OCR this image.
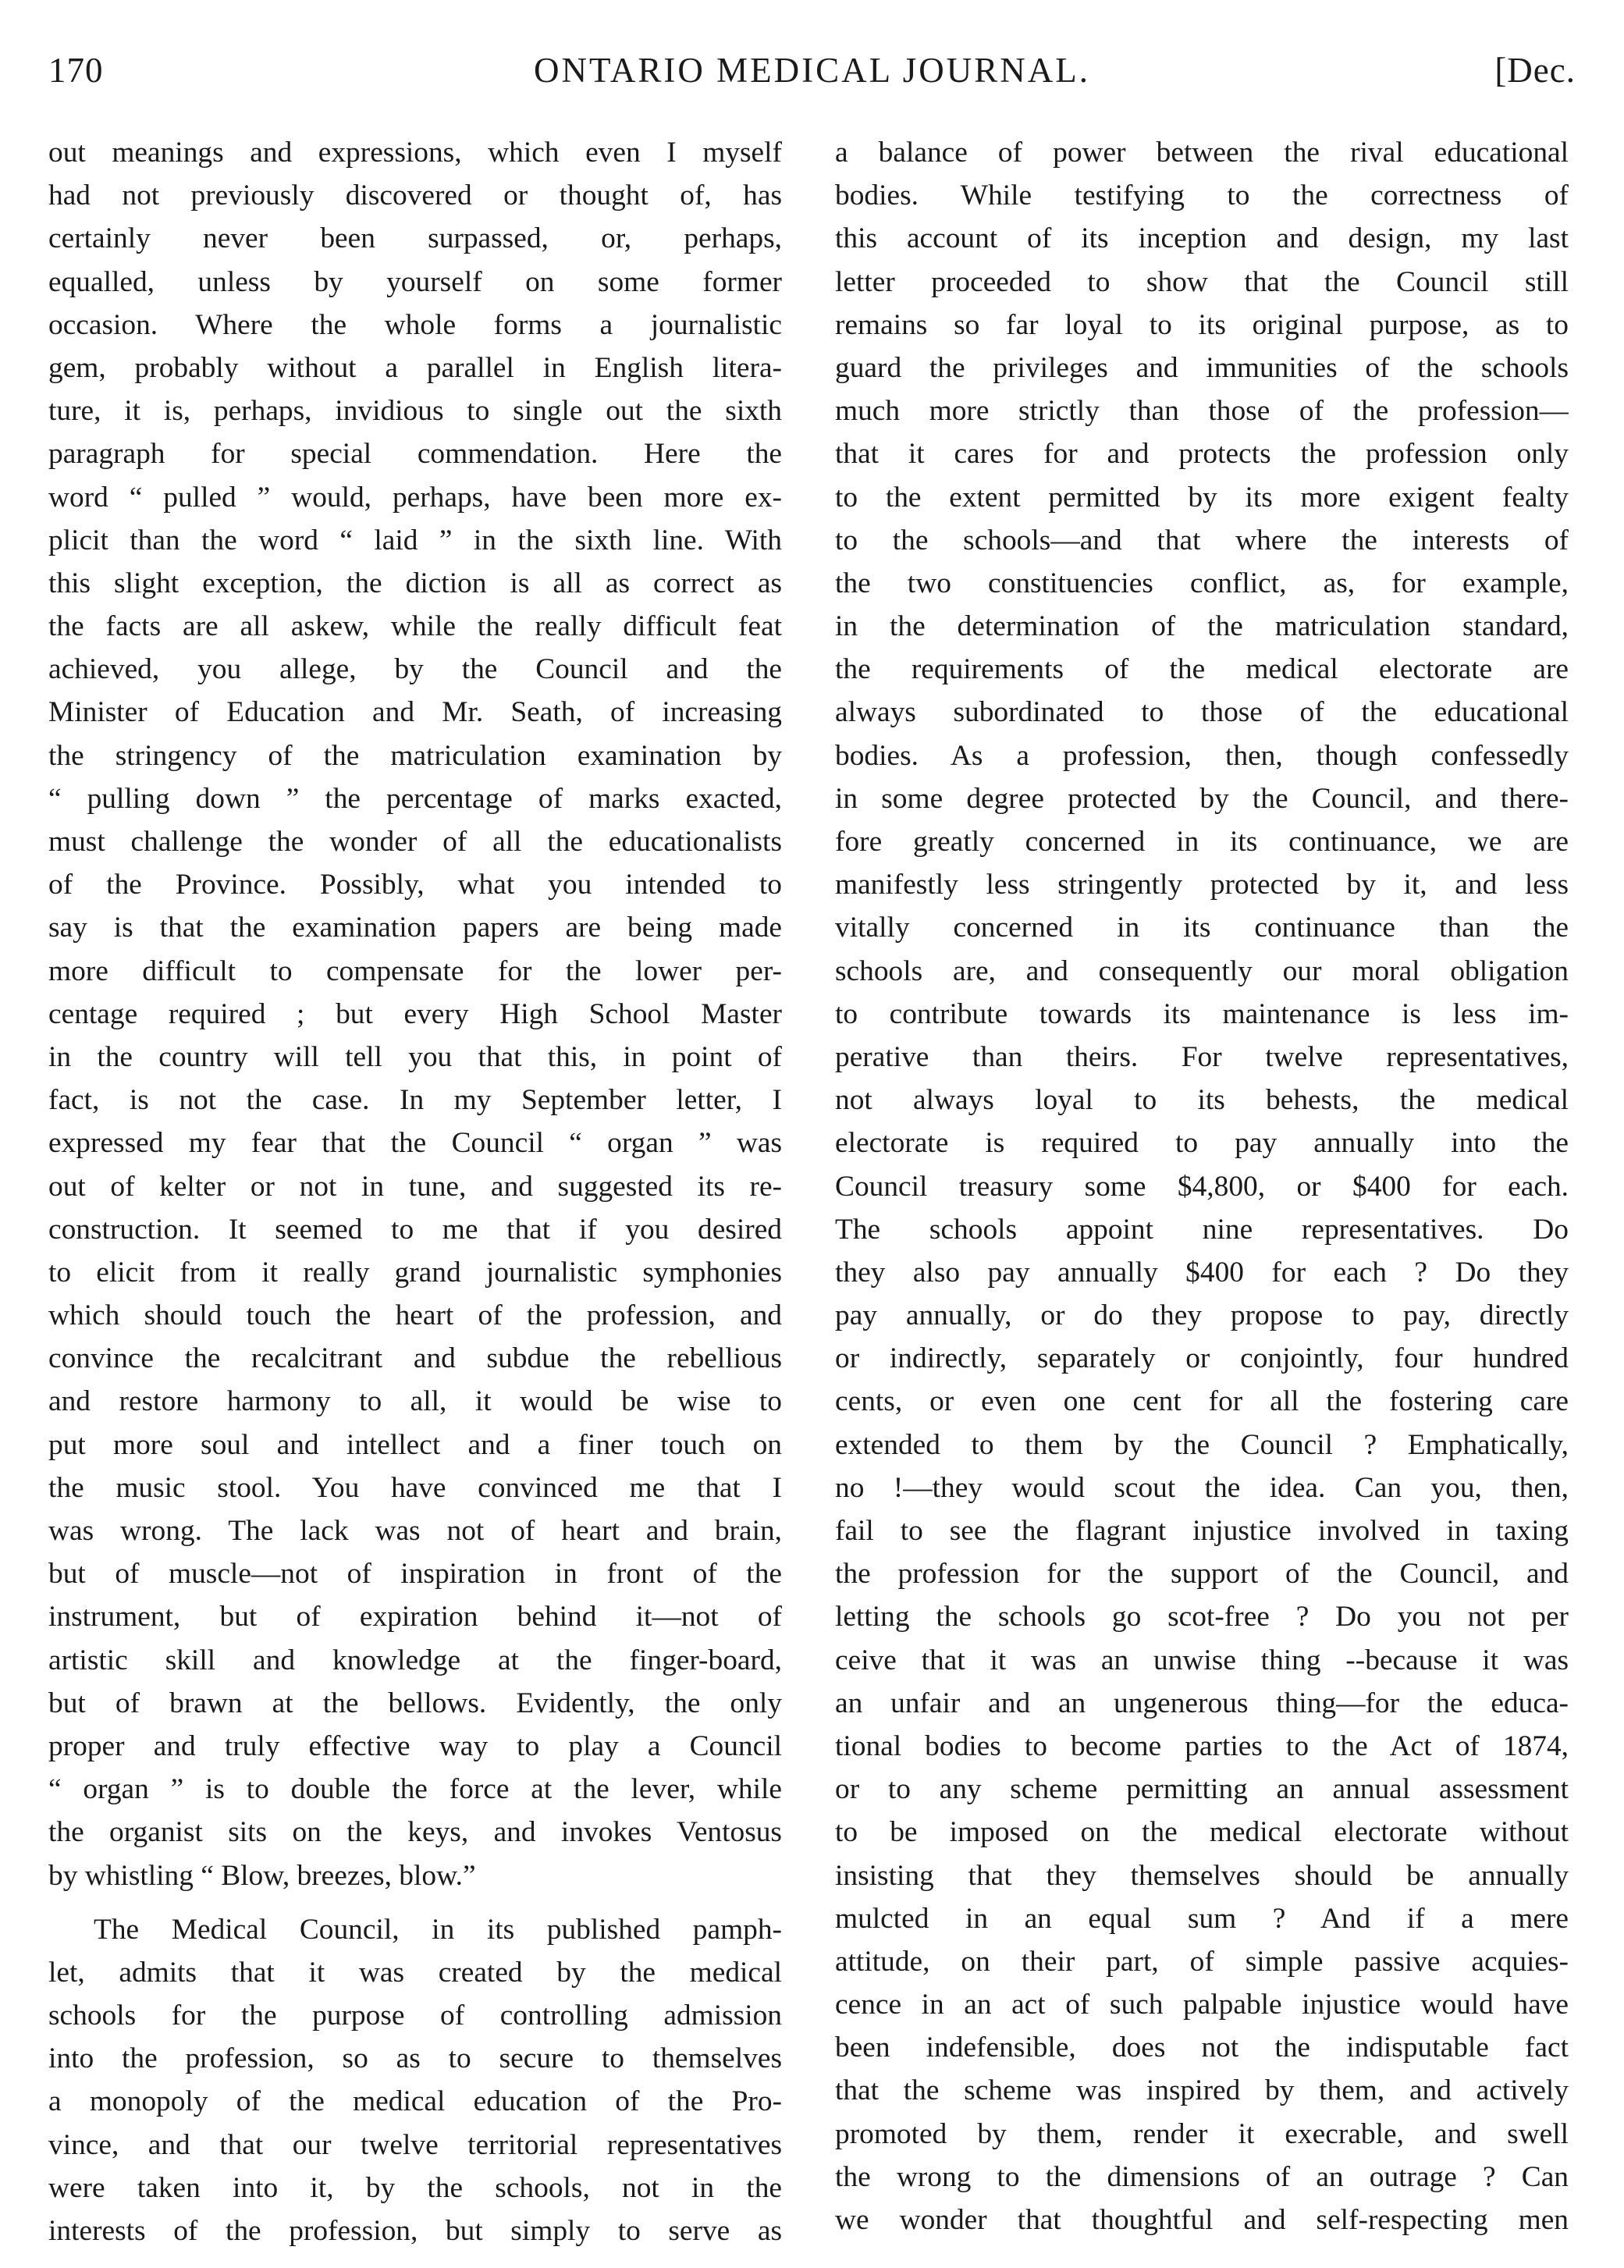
170	ONTARIO MEDICAL JOURNAL.	[Dec.
out meanings and expressions, which even I myself
had not previously discovered or thought of, has
certainly never been surpassed, or, perhaps,
equalled, unless by yourself on some former
occasion. Where the whole forms a journalistic
gem, probably without a parallel in English litera-
ture, it is, perhaps, invidious to single out the sixth
paragraph for special commendation. Here the
word “ pulled ” would, perhaps, have been more ex-
plicit than the word “ laid ” in the sixth line. With
this slight exception, the diction is all as correct as
the facts are all askew, while the really difficult feat
achieved, you allege, by the Council and the
Minister of Education and Mr. Seath, of increasing
the stringency of the matriculation examination by
“ pulling down ” the percentage of marks exacted,
must challenge the wonder of all the educationalists
of the Province. Possibly, what you intended to
say is that the examination papers are being made
more difficult to compensate for the lower per-
centage required ; but every High School Master
in the country will tell you that this, in point of
fact, is not the case. In my September letter, I
expressed my fear that the Council “ organ ” was
out of kelter or not in tune, and suggested its re-
construction. It seemed to me that if you desired
to elicit from it really grand journalistic symphonies
which should touch the heart of the profession, and
convince the recalcitrant and subdue the rebellious
and restore harmony to all, it would be wise to
put more soul and intellect and a finer touch on
the music stool. You have convinced me that I
was wrong. The lack was not of heart and brain,
but of muscle—not of inspiration in front of the
instrument, but of expiration behind it—not of
artistic skill and knowledge at the finger-board,
but of brawn at the bellows. Evidently, the only
proper and truly effective way to play a Council
“ organ ” is to double the force at the lever, while
the organist sits on the keys, and invokes Ventosus
by whistling “ Blow, breezes, blow.”
The Medical Council, in its published pamph-
let, admits that it was created by the medical
schools for the purpose of controlling admission
into the profession, so as to secure to themselves
a monopoly of the medical education of the Pro-
vince, and that our twelve territorial representatives
were taken into it, by the schools, not in the
interests of the profession, but simply to serve as
a balance of power between the rival educational
bodies. While testifying to the correctness of
this account of its inception and design, my last
letter proceeded to show that the Council still
remains so far loyal to its original purpose, as to
guard the privileges and immunities of the schools
much more strictly than those of the profession—
that it cares for and protects the profession only
to the extent permitted by its more exigent fealty
to the schools—and that where the interests of
the two constituencies conflict, as, for example,
in the determination of the matriculation standard,
the requirements of the medical electorate are
always subordinated to those of the educational
bodies. As a profession, then, though confessedly
in some degree protected by the Council, and there-
fore greatly concerned in its continuance, we are
manifestly less stringently protected by it, and less
vitally concerned in its continuance than the
schools are, and consequently our moral obligation
to contribute towards its maintenance is less im-
perative than theirs. For twelve representatives,
not always loyal to its behests, the medical
electorate is required to pay annually into the
Council treasury some $4,800, or $400 for each.
The schools appoint nine representatives. Do
they also pay annually $400 for each ? Do they
pay annually, or do they propose to pay, directly
or indirectly, separately or conjointly, four hundred
cents, or even one cent for all the fostering care
extended to them by the Council ? Emphatically,
no !—they would scout the idea. Can you, then,
fail to see the flagrant injustice involved in taxing
the profession for the support of the Council, and
letting the schools go scot-free ? Do you not per
ceive that it was an unwise thing --because it was
an unfair and an ungenerous thing—for the educa-
tional bodies to become parties to the Act of 1874,
or to any scheme permitting an annual assessment
to be imposed on the medical electorate without
insisting that they themselves should be annually
mulcted in an equal sum ? And if a mere
attitude, on their part, of simple passive acquies-
cence in an act of such palpable injustice would have
been indefensible, does not the indisputable fact
that the scheme was inspired by them, and actively
promoted by them, render it execrable, and swell
the wrong to the dimensions of an outrage ? Can
we wonder that thoughtful and self-respecting men
